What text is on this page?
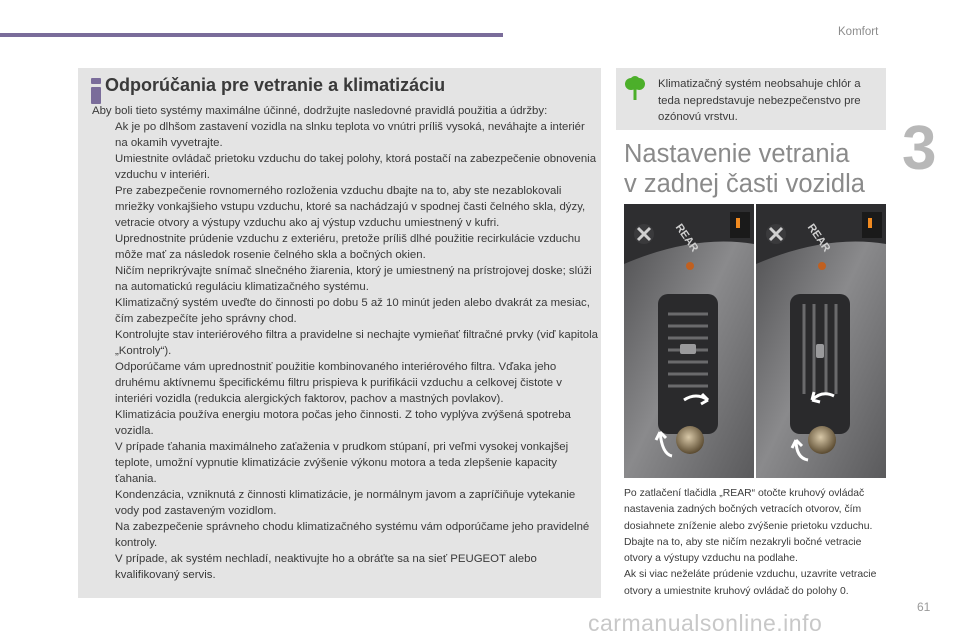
Komfort
3
Odporúčania pre vetranie a klimatizáciu
Aby boli tieto systémy maximálne účinné, dodržujte nasledovné pravidlá použitia a údržby:
Ak je po dlhšom zastavení vozidla na slnku teplota vo vnútri príliš vysoká, neváhajte a interiér na okamih vyvetrajte.
Umiestnite ovládač prietoku vzduchu do takej polohy, ktorá postačí na zabezpečenie obnovenia vzduchu v interiéri.
Pre zabezpečenie rovnomerného rozloženia vzduchu dbajte na to, aby ste nezablokovali mriežky vonkajšieho vstupu vzduchu, ktoré sa nachádzajú v spodnej časti čelného skla, dýzy, vetracie otvory a výstupy vzduchu ako aj výstup vzduchu umiestnený v kufri.
Uprednostnite prúdenie vzduchu z exteriéru, pretože príliš dlhé použitie recirkulácie vzduchu môže mať za následok rosenie čelného skla a bočných okien.
Ničím neprikrývajte snímač slnečného žiarenia, ktorý je umiestnený na prístrojovej doske; slúži na automatickú reguláciu klimatizačného systému.
Klimatizačný systém uveďte do činnosti po dobu 5 až 10 minút jeden alebo dvakrát za mesiac, čím zabezpečíte jeho správny chod.
Kontrolujte stav interiérového filtra a pravidelne si nechajte vymieňať filtračné prvky (viď kapitola „Kontroly“).
Odporúčame vám uprednostniť použitie kombinovaného interiérového filtra. Vďaka jeho druhému aktívnemu špecifickému filtru prispieva k purifikácii vzduchu a celkovej čistote v interiéri vozidla (redukcia alergických faktorov, pachov a mastných povlakov).
Klimatizácia používa energiu motora počas jeho činnosti. Z toho vyplýva zvýšená spotreba vozidla.
V prípade ťahania maximálneho zaťaženia v prudkom stúpaní, pri veľmi vysokej vonkajšej teplote, umožní vypnutie klimatizácie zvýšenie výkonu motora a teda zlepšenie kapacity ťahania.
Kondenzácia, vzniknutá z činnosti klimatizácie, je normálnym javom a zapríčiňuje vytekanie vody pod zastaveným vozidlom.
Na zabezpečenie správneho chodu klimatizačného systému vám odporúčame jeho pravidelné kontroly.
V prípade, ak systém nechladí, neaktivujte ho a obráťte sa na sieť PEUGEOT alebo kvalifikovaný servis.
Klimatizačný systém neobsahuje chlór a teda nepredstavuje nebezpečenstvo pre ozónovú vrstvu.
Nastavenie vetrania
v zadnej časti vozidla
REAR	REAR
Po zatlačení tlačidla „REAR“ otočte kruhový ovládač nastavenia zadných bočných vetracích otvorov, čím dosiahnete zníženie alebo zvýšenie prietoku vzduchu. Dbajte na to, aby ste ničím nezakryli bočné vetracie otvory a výstupy vzduchu na podlahe.
Ak si viac neželáte prúdenie vzduchu, uzavrite vetracie otvory a umiestnite kruhový ovládač do polohy 0.
61
carmanualsonline.info
